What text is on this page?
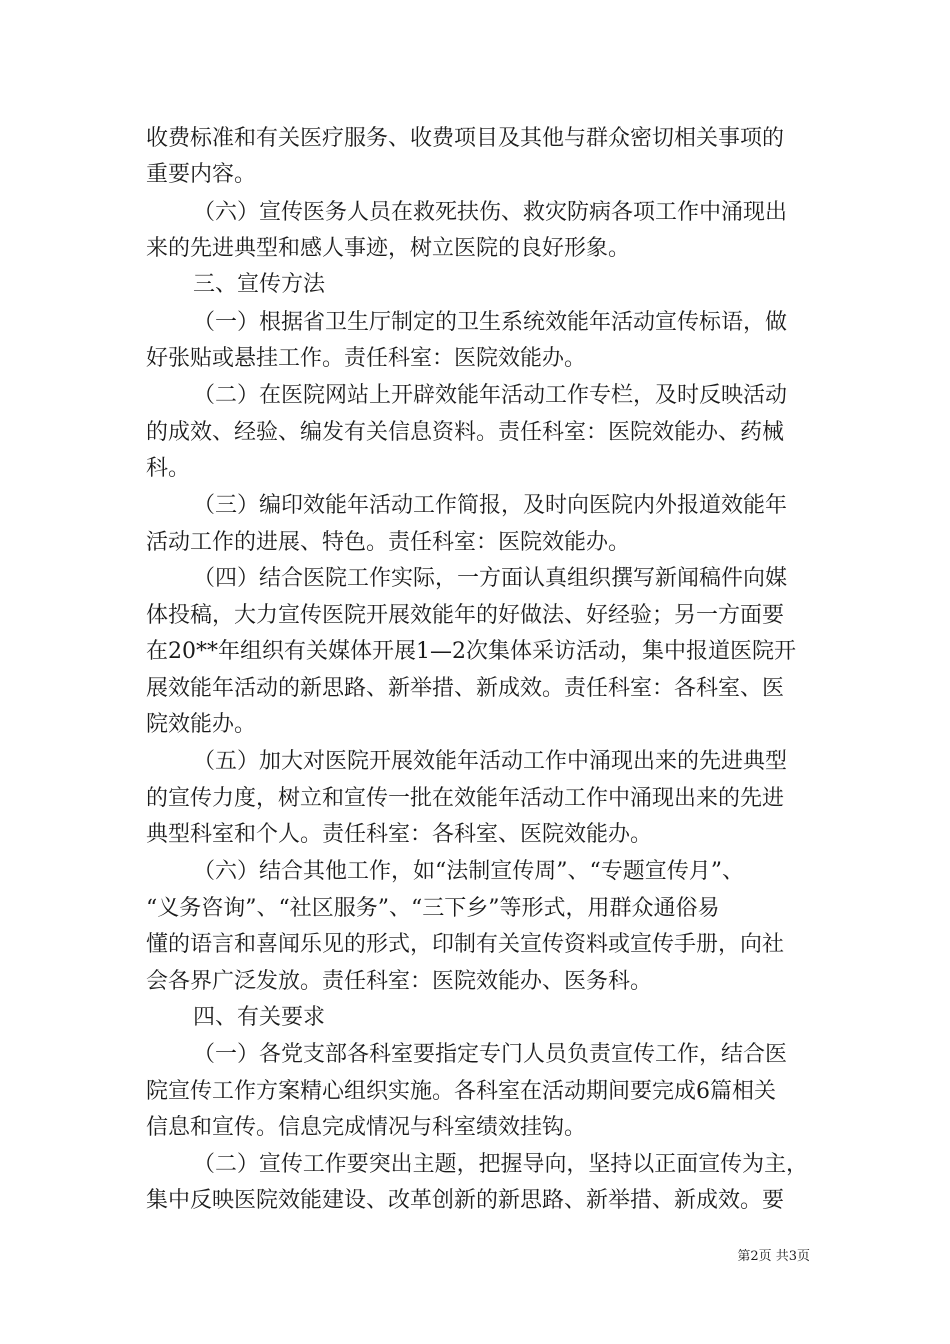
收费标准和有关医疗服务、收费项目及其他与群众密切相关事项的
重要内容。
（六）宣传医务人员在救死扶伤、救灾防病各项工作中涌现出
来的先进典型和感人事迹，树立医院的良好形象。
三、宣传方法
（一）根据省卫生厅制定的卫生系统效能年活动宣传标语，做
好张贴或悬挂工作。责任科室：医院效能办。
（二）在医院网站上开辟效能年活动工作专栏，及时反映活动
的成效、经验、编发有关信息资料。责任科室：医院效能办、药械
科。
（三）编印效能年活动工作简报，及时向医院内外报道效能年
活动工作的进展、特色。责任科室：医院效能办。
（四）结合医院工作实际，一方面认真组织撰写新闻稿件向媒
体投稿，大力宣传医院开展效能年的好做法、好经验；另一方面要
在20**年组织有关媒体开展1—2次集体采访活动，集中报道医院开
展效能年活动的新思路、新举措、新成效。责任科室：各科室、医
院效能办。
（五）加大对医院开展效能年活动工作中涌现出来的先进典型
的宣传力度，树立和宣传一批在效能年活动工作中涌现出来的先进
典型科室和个人。责任科室：各科室、医院效能办。
（六）结合其他工作，如“法制宣传周”、“专题宣传月”、
“义务咨询”、“社区服务”、“三下乡”等形式，用群众通俗易
懂的语言和喜闻乐见的形式，印制有关宣传资料或宣传手册，向社
会各界广泛发放。责任科室：医院效能办、医务科。
四、有关要求
（一）各党支部各科室要指定专门人员负责宣传工作，结合医
院宣传工作方案精心组织实施。各科室在活动期间要完成6篇相关
信息和宣传。信息完成情况与科室绩效挂钩。
（二）宣传工作要突出主题，把握导向，坚持以正面宣传为主，
集中反映医院效能建设、改革创新的新思路、新举措、新成效。要
第2页 共3页
